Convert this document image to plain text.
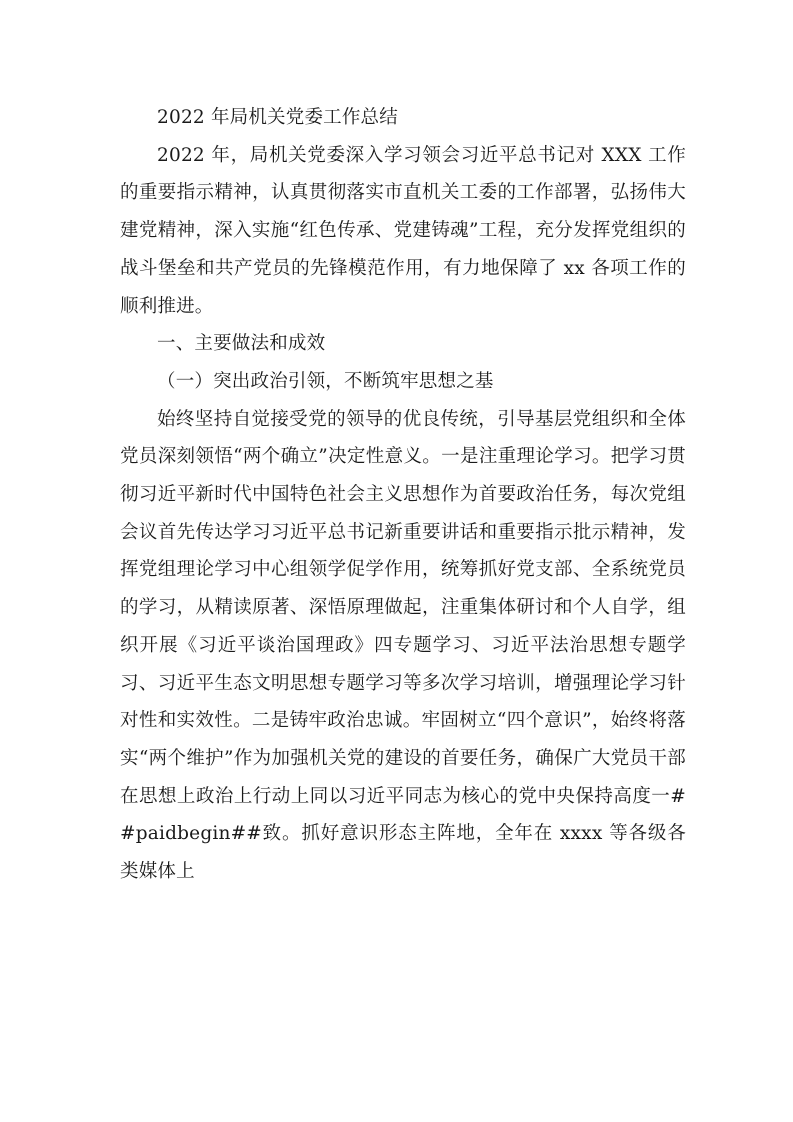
2022 年局机关党委工作总结

2022 年，局机关党委深入学习领会习近平总书记对 XXX 工作的重要指示精神，认真贯彻落实市直机关工委的工作部署，弘扬伟大建党精神，深入实施“红色传承、党建铸魂”工程，充分发挥党组织的战斗堡垒和共产党员的先锋模范作用，有力地保障了 xx 各项工作的顺利推进。

一、主要做法和成效

（一）突出政治引领，不断筑牢思想之基

始终坚持自觉接受党的领导的优良传统，引导基层党组织和全体党员深刻领悟“两个确立”决定性意义。一是注重理论学习。把学习贯彻习近平新时代中国特色社会主义思想作为首要政治任务，每次党组会议首先传达学习习近平总书记新重要讲话和重要指示批示精神，发挥党组理论学习中心组领学促学作用，统筹抓好党支部、全系统党员的学习，从精读原著、深悟原理做起，注重集体研讨和个人自学，组织开展《习近平谈治国理政》四专题学习、习近平法治思想专题学习、习近平生态文明思想专题学习等多次学习培训，增强理论学习针对性和实效性。二是铸牢政治忠诚。牢固树立“四个意识”，始终将落实“两个维护”作为加强机关党的建设的首要任务，确保广大党员干部在思想上政治上行动上同以习近平同志为核心的党中央保持高度一##paidbegin##致。抓好意识形态主阵地，全年在 xxxx 等各级各类媒体上
